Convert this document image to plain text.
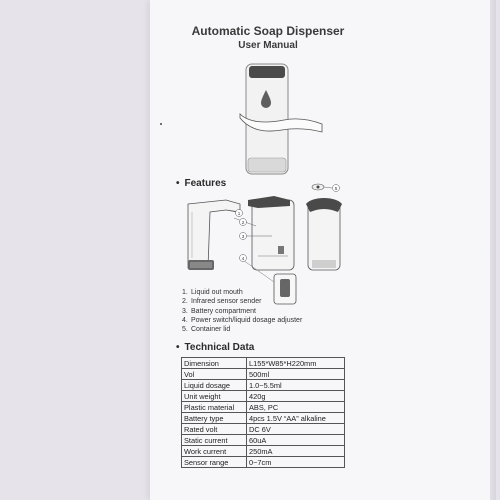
Automatic Soap Dispenser
User Manual
• Features
1
2
3
4
5
1. Liquid out mouth
2. Infrared sensor sender
3. Battery compartment
4. Power switch/liquid dosage adjuster
5. Container lid
• Technical Data
Dimension	L155*W85*H220mm
Vol	500ml
Liquid dosage	1.0~5.5ml
Unit weight	420g
Plastic material	ABS, PC
Battery type	4pcs 1.5V “AA” alkaline
Rated volt	DC 6V
Static current	60uA
Work current	250mA
Sensor range	0~7cm
